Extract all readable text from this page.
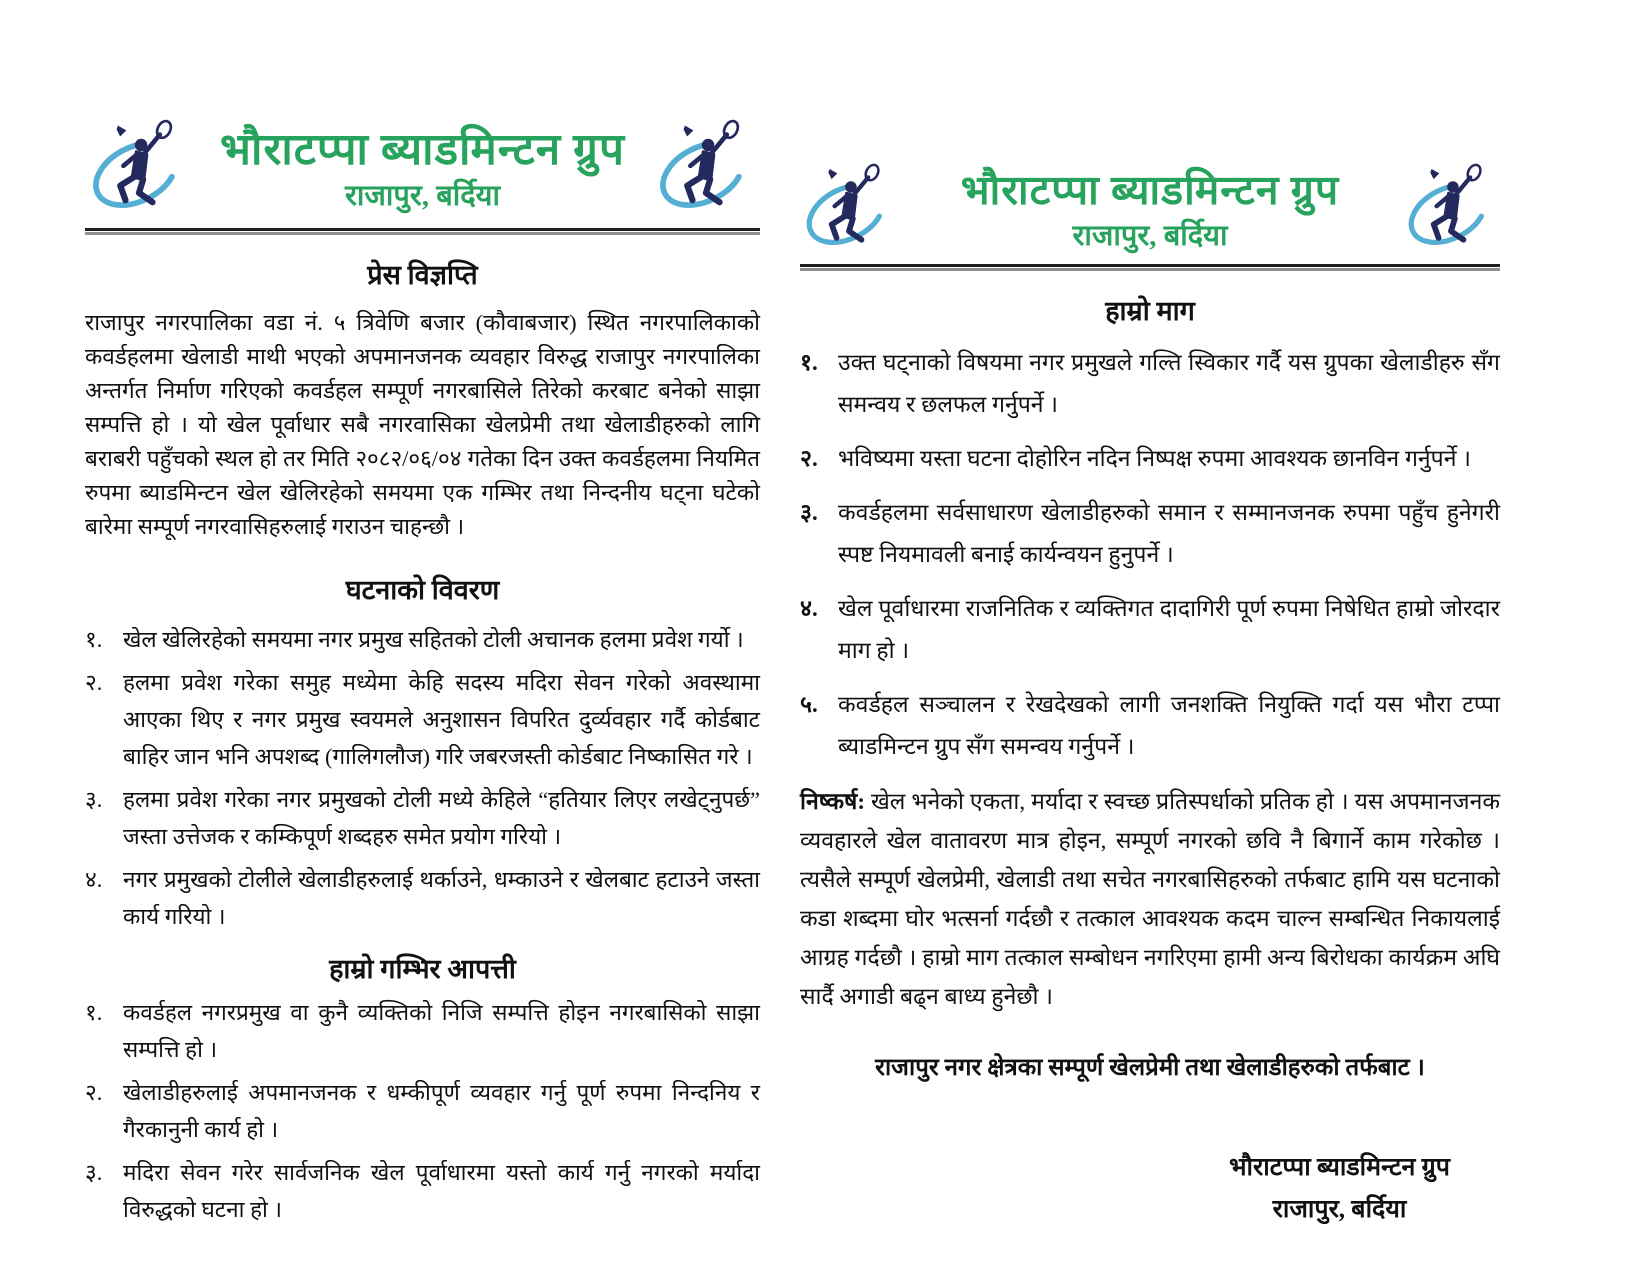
भौराटप्पा ब्याडमिन्टन ग्रुप
राजापुर, बर्दिया
प्रेस विज्ञप्ति

राजापुर नगरपालिका वडा नं. ५ त्रिवेणि बजार (कौवाबजार) स्थित नगरपालिकाको कवर्डहलमा खेलाडी माथी भएको अपमानजनक व्यवहार विरुद्ध राजापुर नगरपालिका अन्तर्गत निर्माण गरिएको कवर्डहल सम्पूर्ण नगरबासिले तिरेको करबाट बनेको साझा सम्पत्ति हो । यो खेल पूर्वाधार सबै नगरवासिका खेलप्रेमी तथा खेलाडीहरुको लागि बराबरी पहुँचको स्थल हो तर मिति २०८२/०६/०४ गतेका दिन उक्त कवर्डहलमा नियमित रुपमा ब्याडमिन्टन खेल खेलिरहेको समयमा एक गम्भिर तथा निन्दनीय घट्ना घटेको बारेमा सम्पूर्ण नगरवासिहरुलाई गराउन चाहन्छौ ।

घटनाको विवरण
१. खेल खेलिरहेको समयमा नगर प्रमुख सहितको टोली अचानक हलमा प्रवेश गर्यो ।
२. हलमा प्रवेश गरेका समुह मध्येमा केहि सदस्य मदिरा सेवन गरेको अवस्थामा आएका थिए र नगर प्रमुख स्वयमले अनुशासन विपरित दुर्व्यवहार गर्दै कोर्डबाट बाहिर जान भनि अपशब्द (गालिगलौज) गरि जबरजस्ती कोर्डबाट निष्कासित गरे ।
३. हलमा प्रवेश गरेका नगर प्रमुखको टोली मध्ये केहिले “हतियार लिएर लखेट्नुपर्छ” जस्ता उत्तेजक र कम्किपूर्ण शब्दहरु समेत प्रयोग गरियो ।
४. नगर प्रमुखको टोलीले खेलाडीहरुलाई थर्काउने, धम्काउने र खेलबाट हटाउने जस्ता कार्य गरियो ।
हाम्रो गम्भिर आपत्ती
१. कवर्डहल नगरप्रमुख वा कुनै व्यक्तिको निजि सम्पत्ति होइन नगरबासिको साझा सम्पत्ति हो ।
२. खेलाडीहरुलाई अपमानजनक र धम्कीपूर्ण व्यवहार गर्नु पूर्ण रुपमा निन्दनिय र गैरकानुनी कार्य हो ।
३. मदिरा सेवन गरेर सार्वजनिक खेल पूर्वाधारमा यस्तो कार्य गर्नु नगरको मर्यादा विरुद्धको घटना हो ।
भौराटप्पा ब्याडमिन्टन ग्रुप
राजापुर, बर्दिया
हाम्रो माग
१. उक्त घट्नाको विषयमा नगर प्रमुखले गल्ति स्विकार गर्दै यस ग्रुपका खेलाडीहरु सँग समन्वय र छलफल गर्नुपर्ने ।
२. भविष्यमा यस्ता घटना दोहोरिन नदिन निष्पक्ष रुपमा आवश्यक छानविन गर्नुपर्ने ।
३. कवर्डहलमा सर्वसाधारण खेलाडीहरुको समान र सम्मानजनक रुपमा पहुँच हुनेगरी स्पष्ट नियमावली बनाई कार्यन्वयन हुनुपर्ने ।
४. खेल पूर्वाधारमा राजनितिक र व्यक्तिगत दादागिरी पूर्ण रुपमा निषेधित हाम्रो जोरदार माग हो ।
५. कवर्डहल सञ्चालन र रेखदेखको लागी जनशक्ति नियुक्ति गर्दा यस भौरा टप्पा ब्याडमिन्टन ग्रुप सँग समन्वय गर्नुपर्ने ।

निष्कर्ष: खेल भनेको एकता, मर्यादा र स्वच्छ प्रतिस्पर्धाको प्रतिक हो । यस अपमानजनक व्यवहारले खेल वातावरण मात्र होइन, सम्पूर्ण नगरको छवि नै बिगार्ने काम गरेकोछ । त्यसैले सम्पूर्ण खेलप्रेमी, खेलाडी तथा सचेत नगरबासिहरुको तर्फबाट हामि यस घटनाको कडा शब्दमा घोर भत्सर्ना गर्दछौ र तत्काल आवश्यक कदम चाल्न सम्बन्धित निकायलाई आग्रह गर्दछौ । हाम्रो माग तत्काल सम्बोधन नगरिएमा हामी अन्य बिरोधका कार्यक्रम अघि सार्दै अगाडी बढ्न बाध्य हुनेछौ ।

राजापुर नगर क्षेत्रका सम्पूर्ण खेलप्रेमी तथा खेलाडीहरुको तर्फबाट ।
भौराटप्पा ब्याडमिन्टन ग्रुप
राजापुर, बर्दिया
